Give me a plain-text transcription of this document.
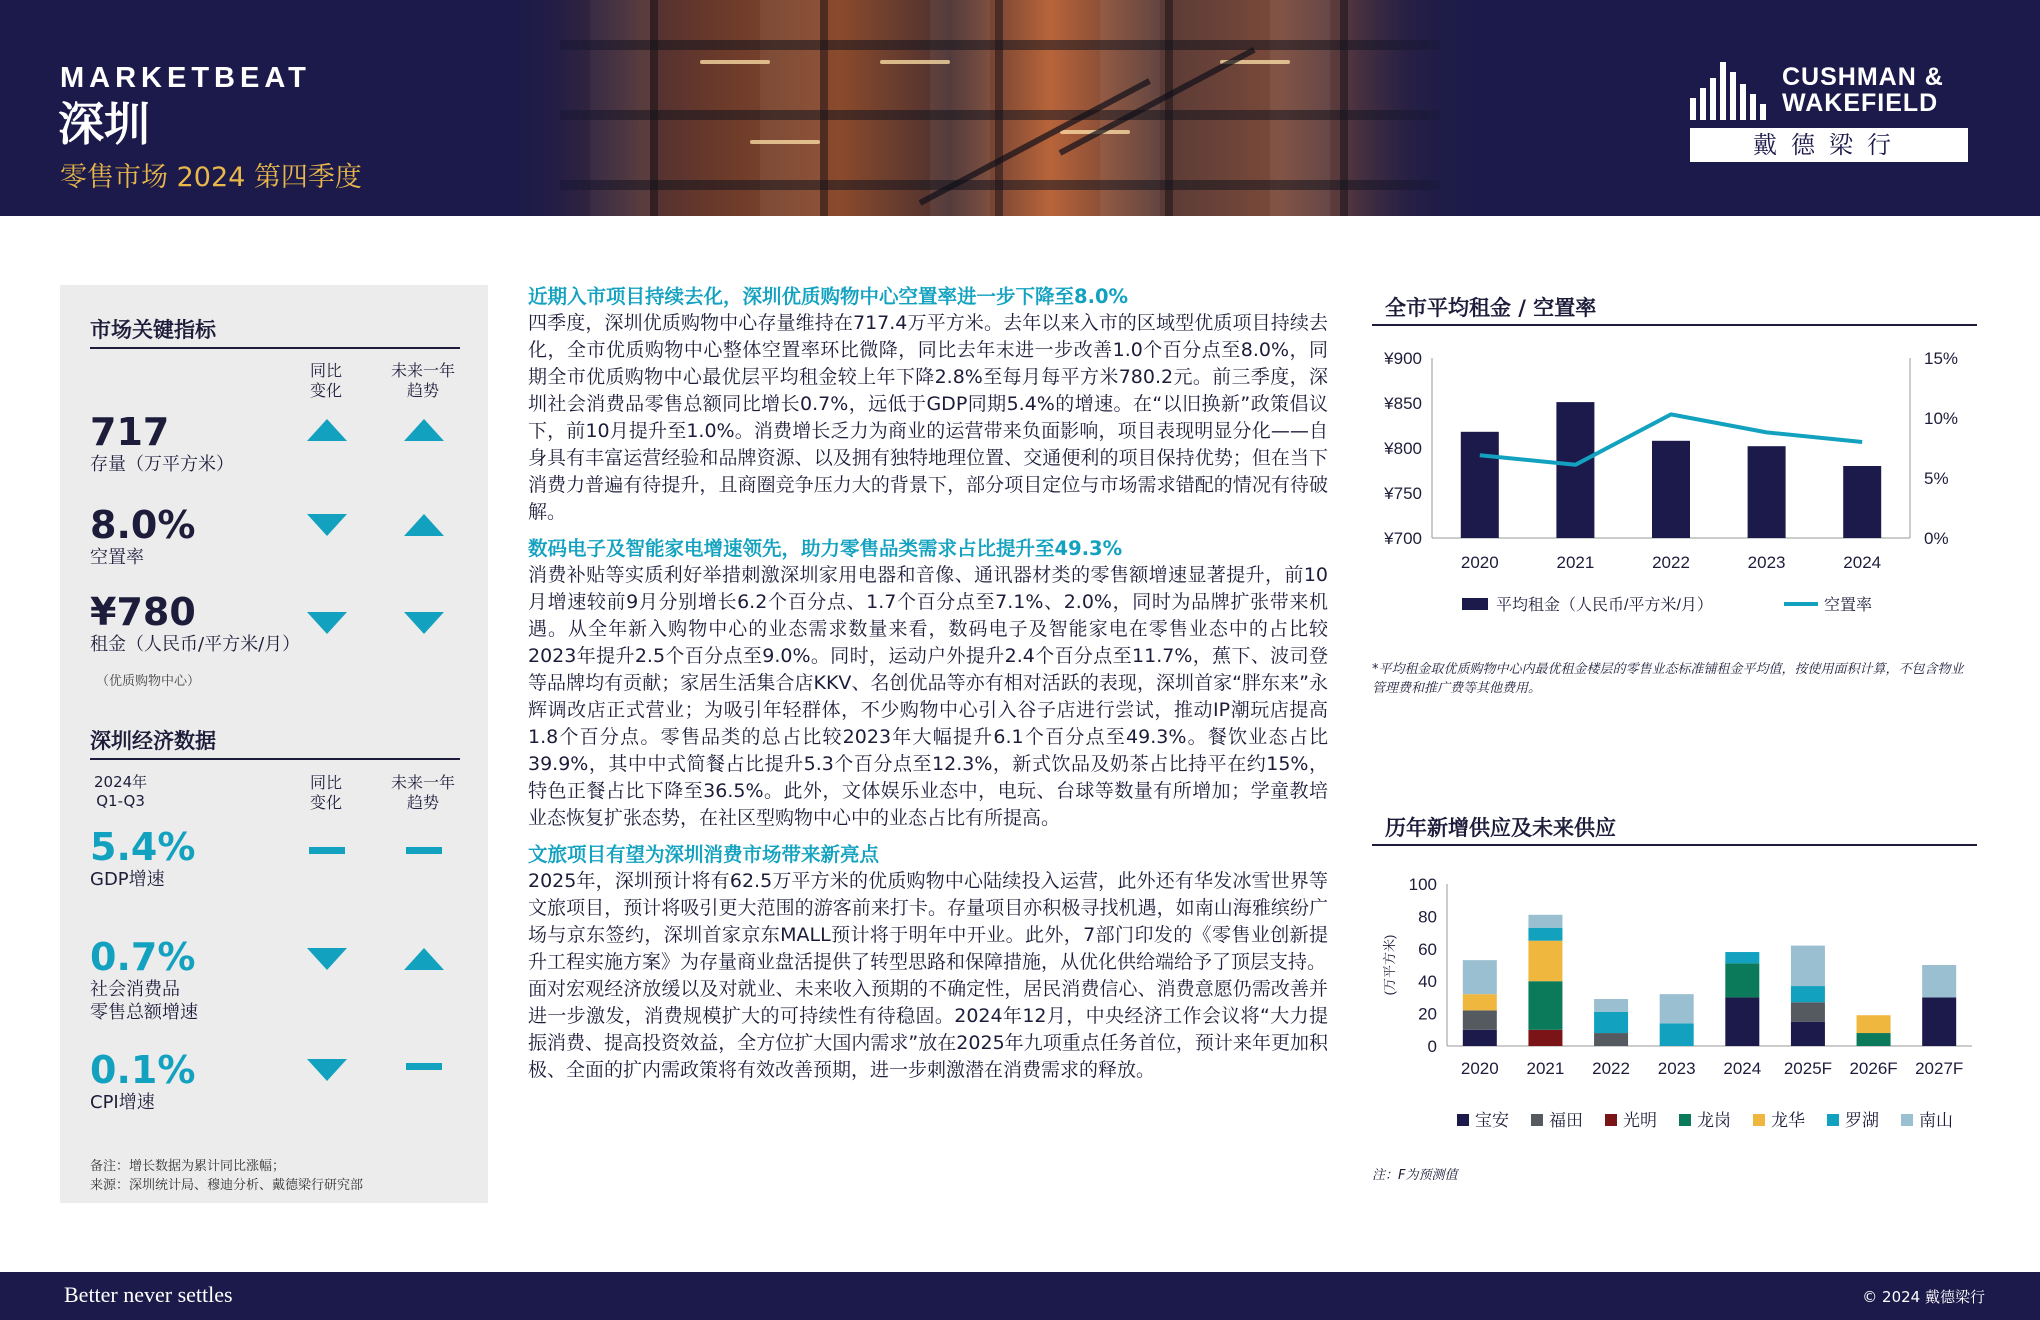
MARKETBEAT
深圳
零售市场 2024 第四季度
CUSHMAN &
WAKEFIELD
戴德梁行
市场关键指标
同比
变化
未来一年
趋势
717
存量（万平方米）
8.0%
空置率
¥780
租金（人民币/平方米/月）
（优质购物中心）
深圳经济数据
2024年
Q1-Q3
同比
变化
未来一年
趋势
5.4%
GDP增速
0.7%
社会消费品
零售总额增速
0.1%
CPI增速
备注：增长数据为累计同比涨幅；
来源：深圳统计局、穆迪分析、戴德梁行研究部
近期入市项目持续去化，深圳优质购物中心空置率进一步下降至8.0%

四季度，深圳优质购物中心存量维持在717.4万平方米。去年以来入市的区域型优质项目持续去化，全市优质购物中心整体空置率环比微降，同比去年末进一步改善1.0个百分点至8.0%，同期全市优质购物中心最优层平均租金较上年下降2.8%至每月每平方米780.2元。前三季度，深圳社会消费品零售总额同比增长0.7%，远低于GDP同期5.4%的增速。在“以旧换新”政策倡议下，前10月提升至1.0%。消费增长乏力为商业的运营带来负面影响，项目表现明显分化——自身具有丰富运营经验和品牌资源、以及拥有独特地理位置、交通便利的项目保持优势；但在当下消费力普遍有待提升，且商圈竞争压力大的背景下，部分项目定位与市场需求错配的情况有待破解。

数码电子及智能家电增速领先，助力零售品类需求占比提升至49.3%

消费补贴等实质利好举措刺激深圳家用电器和音像、通讯器材类的零售额增速显著提升，前10月增速较前9月分别增长6.2个百分点、1.7个百分点至7.1%、2.0%，同时为品牌扩张带来机遇。从全年新入购物中心的业态需求数量来看，数码电子及智能家电在零售业态中的占比较2023年提升2.5个百分点至9.0%。同时，运动户外提升2.4个百分点至11.7%，蕉下、波司登等品牌均有贡献；家居生活集合店KKV、名创优品等亦有相对活跃的表现，深圳首家“胖东来”永辉调改店正式营业；为吸引年轻群体，不少购物中心引入谷子店进行尝试，推动IP潮玩店提高1.8个百分点。零售品类的总占比较2023年大幅提升6.1个百分点至49.3%。餐饮业态占比39.9%，其中中式简餐占比提升5.3个百分点至12.3%，新式饮品及奶茶占比持平在约15%，特色正餐占比下降至36.5%。此外，文体娱乐业态中，电玩、台球等数量有所增加；学童教培业态恢复扩张态势，在社区型购物中心中的业态占比有所提高。

文旅项目有望为深圳消费市场带来新亮点

2025年，深圳预计将有62.5万平方米的优质购物中心陆续投入运营，此外还有华发冰雪世界等文旅项目，预计将吸引更大范围的游客前来打卡。存量项目亦积极寻找机遇，如南山海雅缤纷广场与京东签约，深圳首家京东MALL预计将于明年中开业。此外，7部门印发的《零售业创新提升工程实施方案》为存量商业盘活提供了转型思路和保障措施，从优化供给端给予了顶层支持。

面对宏观经济放缓以及对就业、未来收入预期的不确定性，居民消费信心、消费意愿仍需改善并进一步激发，消费规模扩大的可持续性有待稳固。2024年12月，中央经济工作会议将“大力提振消费、提高投资效益，全方位扩大国内需求”放在2025年九项重点任务首位，预计来年更加积极、全面的扩内需政策将有效改善预期，进一步刺激潜在消费需求的释放。

全市平均租金 / 空置率
¥700
¥750
¥800
¥850
¥900
0%
5%
10%
15%
2020	2021	2022	2023	2024
平均租金（人民币/平方米/月）	空置率
*平均租金取优质购物中心内最优租金楼层的零售业态标准铺租金平均值，按使用面积计算，不包含物业管理费和推广费等其他费用。
历年新增供应及未来供应
0
20
40
60
80
100
(万平方米)
2020 2021 2022 2023 2024 2025F 2026F 2027F
宝安 福田 光明 龙岗 龙华 罗湖 南山
注：F为预测值
Better never settles	© 2024 戴德梁行
